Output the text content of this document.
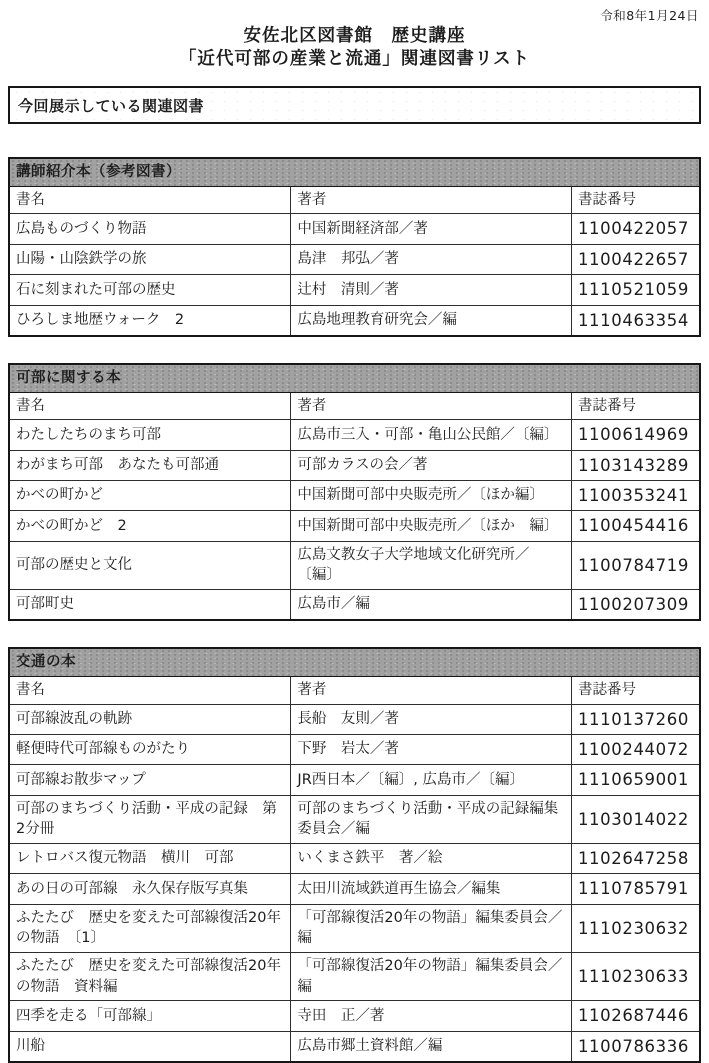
令和8年1月24日
安佐北区図書館　歴史講座
「近代可部の産業と流通」関連図書リスト
今回展示している関連図書
講師紹介本（参考図書）		
書名	著者	書誌番号
広島ものづくり物語	中国新聞経済部／著	1100422057
山陽・山陰鉄学の旅	島津　邦弘／著	1100422657
石に刻まれた可部の歴史	辻村　清則／著	1110521059
ひろしま地歴ウォーク　2	広島地理教育研究会／編	1110463354
可部に関する本		
書名	著者	書誌番号
わたしたちのまち可部	広島市三入・可部・亀山公民館／〔編〕	1100614969
わがまち可部　あなたも可部通	可部カラスの会／著	1103143289
かべの町かど	中国新聞可部中央販売所／〔ほか編〕	1100353241
かべの町かど　2	中国新聞可部中央販売所／〔ほか　編〕	1100454416
可部の歴史と文化	広島文教女子大学地域文化研究所／〔編〕	1100784719
可部町史	広島市／編	1100207309
交通の本		
書名	著者	書誌番号
可部線波乱の軌跡	長船　友則／著	1110137260
軽便時代可部線ものがたり	下野　岩太／著	1100244072
可部線お散歩マップ	JR西日本／〔編〕, 広島市／〔編〕	1110659001
可部のまちづくり活動・平成の記録　第2分冊	可部のまちづくり活動・平成の記録編集委員会／編	1103014022
レトロバス復元物語　横川　可部	いくまさ鉄平　著／絵	1102647258
あの日の可部線　永久保存版写真集	太田川流域鉄道再生協会／編集	1110785791
ふたたび　歴史を変えた可部線復活20年の物語　〔1〕	「可部線復活20年の物語」編集委員会／編	1110230632
ふたたび　歴史を変えた可部線復活20年の物語　資料編	「可部線復活20年の物語」編集委員会／編	1110230633
四季を走る「可部線」	寺田　正／著	1102687446
川船	広島市郷土資料館／編	1100786336
